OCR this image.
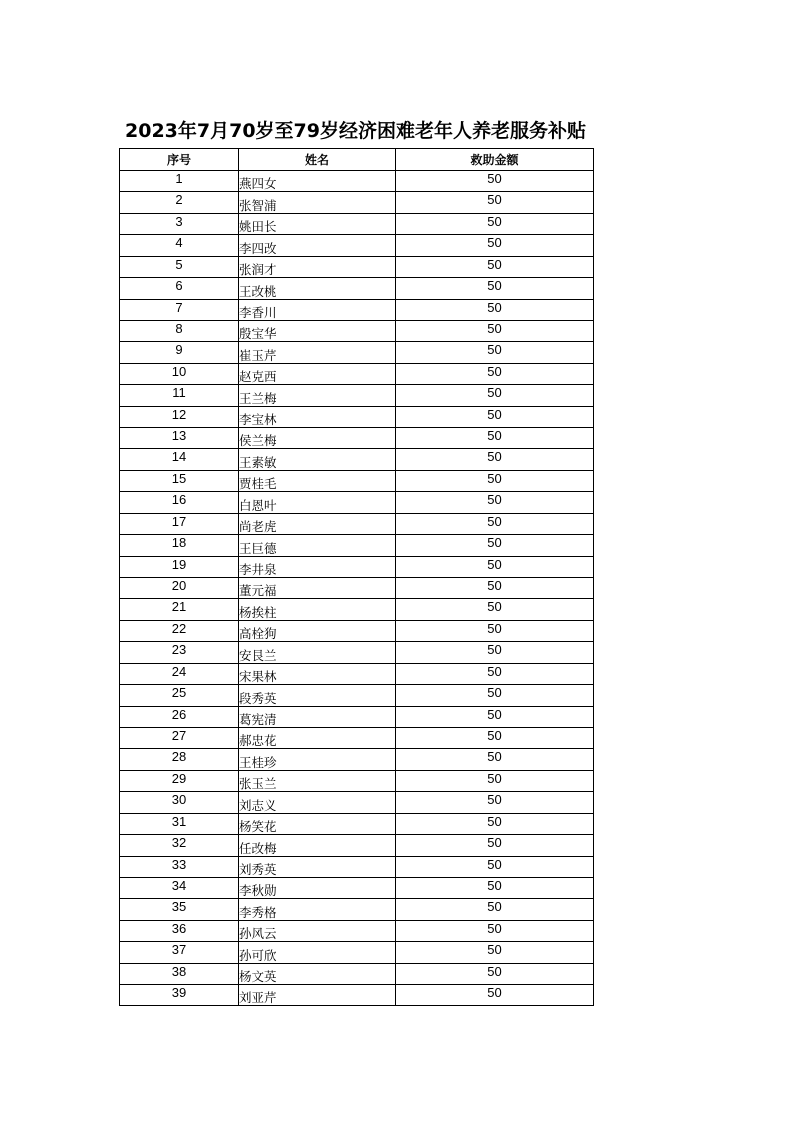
2023年7月70岁至79岁经济困难老年人养老服务补贴
序号	姓名	救助金额
1	燕四女	50
2	张智浦	50
3	姚田长	50
4	李四改	50
5	张润才	50
6	王改桃	50
7	李香川	50
8	殷宝华	50
9	崔玉芹	50
10	赵克西	50
11	王兰梅	50
12	李宝林	50
13	侯兰梅	50
14	王素敏	50
15	贾桂毛	50
16	白恩叶	50
17	尚老虎	50
18	王巨德	50
19	李井泉	50
20	董元福	50
21	杨挨柱	50
22	高栓狗	50
23	安艮兰	50
24	宋果林	50
25	段秀英	50
26	葛宪清	50
27	郝忠花	50
28	王桂珍	50
29	张玉兰	50
30	刘志义	50
31	杨笑花	50
32	任改梅	50
33	刘秀英	50
34	李秋勋	50
35	李秀格	50
36	孙风云	50
37	孙可欣	50
38	杨文英	50
39	刘亚芹	50
